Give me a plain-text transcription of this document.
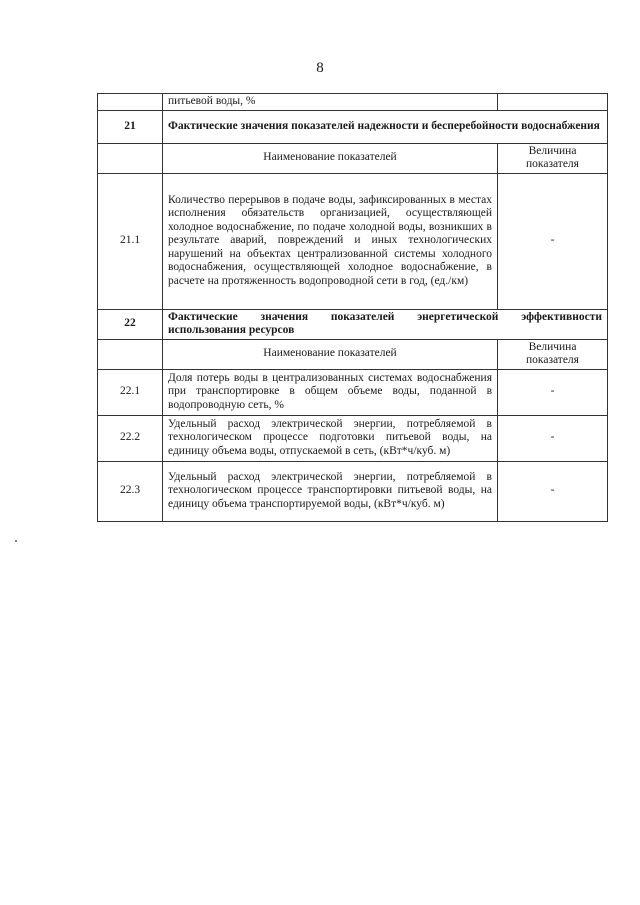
8
	питьевой воды, %	
21	Фактические значения показателей надежности и бесперебойности водоснабжения	
	Наименование показателей	Величина показателя
21.1	Количество перерывов в подаче воды, зафиксированных в местах исполнения обязательств организацией, осуществляющей холодное водоснабжение, по подаче холодной воды, возникших в результате аварий, повреждений и иных технологических нарушений на объектах централизованной системы холодного водоснабжения, осуществляющей холодное водоснабжение, в расчете на протяженность водопроводной сети в год, (ед./км)	-
22	Фактические значения показателей энергетической эффективности использования ресурсов	
	Наименование показателей	Величина показателя
22.1	Доля потерь воды в централизованных системах водоснабжения при транспортировке в общем объеме воды, поданной в водопроводную сеть, %	-
22.2	Удельный расход электрической энергии, потребляемой в технологическом процессе подготовки питьевой воды, на единицу объема воды, отпускаемой в сеть, (кВт*ч/куб. м)	-
22.3	Удельный расход электрической энергии, потребляемой в технологическом процессе транспортировки питьевой воды, на единицу объема транспортируемой воды, (кВт*ч/куб. м)	-
